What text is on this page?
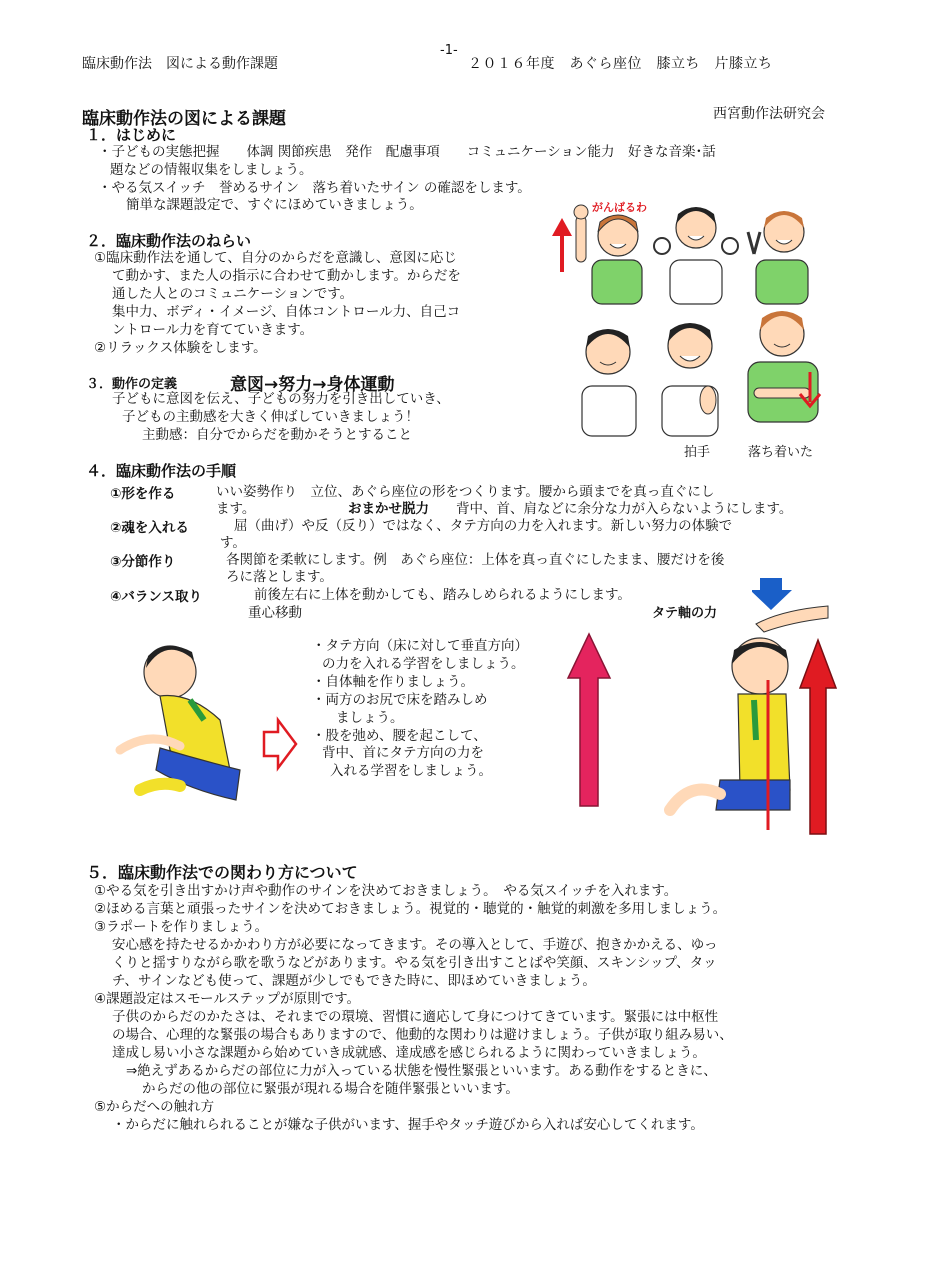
臨床動作法　図による動作課題
-1-
２０１６年度　あぐら座位　膝立ち　片膝立ち
臨床動作法の図による課題	西宮動作法研究会
１．はじめに
・子どもの実態把握　　体調 関節疾患　発作　配慮事項　　コミュニケーション能力　好きな音楽･話
題などの情報収集をしましょう。
・やる気スイッチ　誉めるサイン　落ち着いたサイン の確認をします。
簡単な課題設定で、すぐにほめていきましょう。
２．臨床動作法のねらい
①臨床動作法を通して、自分のからだを意識し、意図に応じ
て動かす、また人の指示に合わせて動かします。からだを
通した人とのコミュニケーションです。
集中力、ボディ・イメージ、自体コントロール力、自己コ
ントロール力を育てていきます。
②リラックス体験をします。
３．動作の定義	意図→努力→身体運動
子どもに意図を伝え、子どもの努力を引き出していき、
子どもの主動感を大きく伸ばしていきましょう！
主動感：自分でからだを動かそうとすること
がんばるわ
拍手	落ち着いた
４．臨床動作法の手順
①形を作る	いい姿勢作り　立位、あぐら座位の形をつくります。腰から頭までを真っ直ぐにし
ます。	おまかせ脱力 背中、首、肩などに余分な力が入らないようにします。
②魂を入れる	屈（曲げ）や反（反り）ではなく、タテ方向の力を入れます。新しい努力の体験で
す。
③分節作り	各関節を柔軟にします。例　あぐら座位：上体を真っ直ぐにしたまま、腰だけを後
ろに落とします。
④バランス取り	前後左右に上体を動かしても、踏みしめられるようにします。
重心移動	タテ軸の力
・タテ方向（床に対して垂直方向）
の力を入れる学習をしましょう。
・自体軸を作りましょう。
・両方のお尻で床を踏みしめ
ましょう。
・股を弛め、腰を起こして、
背中、首にタテ方向の力を
入れる学習をしましょう。
５．臨床動作法での関わり方について
①やる気を引き出すかけ声や動作のサインを決めておきましょう。　やる気スイッチを入れます。
②ほめる言葉と頑張ったサインを決めておきましょう。視覚的・聴覚的・触覚的刺激を多用しましょう。
③ラポートを作りましょう。
安心感を持たせるかかわり方が必要になってきます。その導入として、手遊び、抱きかかえる、ゆっ
くりと揺すりながら歌を歌うなどがあります。やる気を引き出すことばや笑顔、スキンシップ、タッ
チ、サインなども使って、課題が少しでもできた時に、即ほめていきましょう。
④課題設定はスモールステップが原則です。
子供のからだのかたさは、それまでの環境、習慣に適応して身につけてきています。緊張には中枢性
の場合、心理的な緊張の場合もありますので、他動的な関わりは避けましょう。子供が取り組み易い、
達成し易い小さな課題から始めていき成就感、達成感を感じられるように関わっていきましょう。
⇒絶えずあるからだの部位に力が入っている状態を慢性緊張といいます。ある動作をするときに、
からだの他の部位に緊張が現れる場合を随伴緊張といいます。
⑤からだへの触れ方
・からだに触れられることが嫌な子供がいます、握手やタッチ遊びから入れば安心してくれます。
